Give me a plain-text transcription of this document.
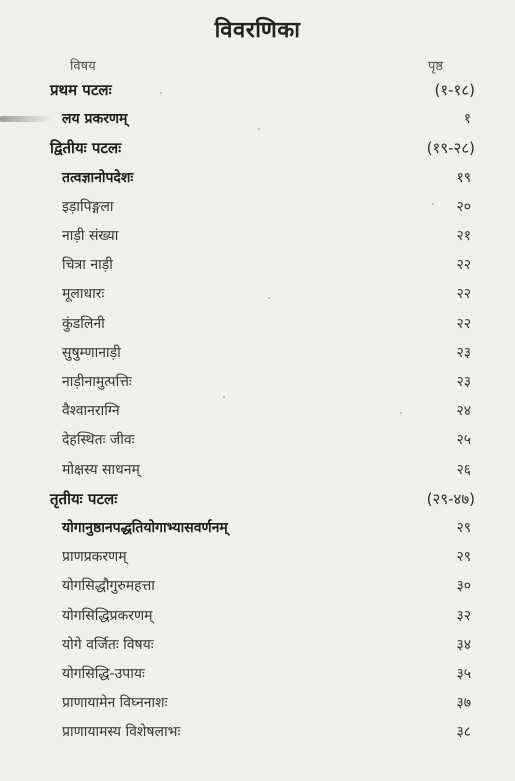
विवरणिका
विषय	पृष्ठ
प्रथम पटलः	(१-१८)
लय प्रकरणम्	१
द्वितीयः पटलः	(१९-२८)
तत्वज्ञानोपदेशः	१९
इड़ापिङ्गला	२०
नाड़ी संख्या	२१
चित्रा नाड़ी	२२
मूलाधारः	२२
कुंडलिनी	२२
सुषुम्णानाड़ी	२३
नाड़ीनामुत्पत्तिः	२३
वैश्वानराग्नि	२४
देहस्थितः जीवः	२५
मोक्षस्य साधनम्	२६
तृतीयः पटलः	(२९-४७)
योगानुष्ठानपद्धतियोगाभ्यासवर्णनम्	२९
प्राणप्रकरणम्	२९
योगसिद्धौगुरुमहत्ता	३०
योगसिद्धिप्रकरणम्	३२
योगे वर्जितः विषयः	३४
योगसिद्धि-उपायः	३५
प्राणायामेन विघ्ननाशः	३७
प्राणायामस्य विशेषलाभः	३८
